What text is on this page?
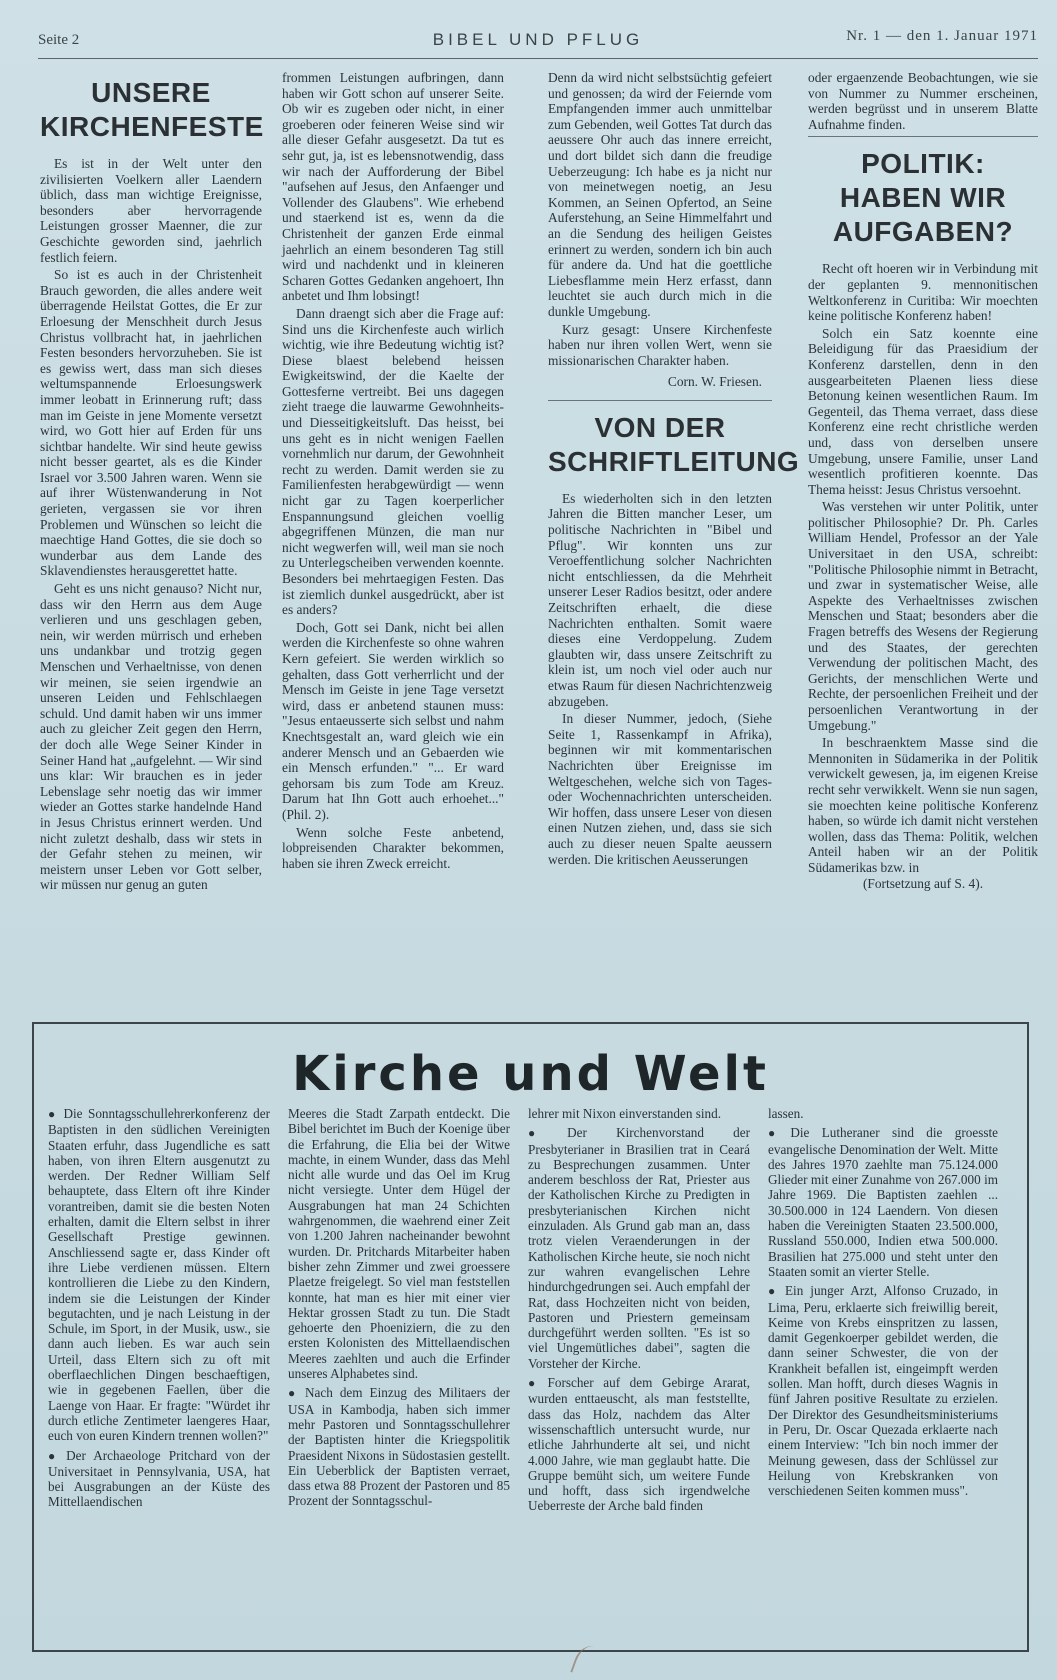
Seite 2	BIBEL UND PFLUG	Nr. 1 — den 1. Januar 1971
UNSERE KIRCHENFESTE

Es ist in der Welt unter den zivilisierten Voelkern aller Laendern üblich, dass man wichtige Ereignisse, besonders aber hervorragende Leistungen grosser Maenner, die zur Geschichte geworden sind, jaehrlich festlich feiern.

So ist es auch in der Christenheit Brauch geworden, die alles andere weit überragende Heilstat Gottes, die Er zur Erloesung der Menschheit durch Jesus Christus vollbracht hat, in jaehrlichen Festen besonders hervorzuheben. Sie ist es gewiss wert, dass man sich dieses weltumspannende Erloesungswerk immer leobatt in Erinnerung ruft; dass man im Geiste in jene Momente versetzt wird, wo Gott hier auf Erden für uns sichtbar handelte. Wir sind heute gewiss nicht besser geartet, als es die Kinder Israel vor 3.500 Jahren waren. Wenn sie auf ihrer Wüstenwanderung in Not gerieten, vergassen sie vor ihren Problemen und Wünschen so leicht die maechtige Hand Gottes, die sie doch so wunderbar aus dem Lande des Sklavendienstes herausgerettet hatte.

Geht es uns nicht genauso? Nicht nur, dass wir den Herrn aus dem Auge verlieren und uns geschlagen geben, nein, wir werden mürrisch und erheben uns undankbar und trotzig gegen Menschen und Verhaeltnisse, von denen wir meinen, sie seien irgendwie an unseren Leiden und Fehlschlaegen schuld. Und damit haben wir uns immer auch zu gleicher Zeit gegen den Herrn, der doch alle Wege Seiner Kinder in Seiner Hand hat „aufgelehnt. — Wir sind uns klar: Wir brauchen es in jeder Lebenslage sehr noetig das wir immer wieder an Gottes starke handelnde Hand in Jesus Christus erinnert werden. Und nicht zuletzt deshalb, dass wir stets in der Gefahr stehen zu meinen, wir meistern unser Leben vor Gott selber, wir müssen nur genug an guten

frommen Leistungen aufbringen, dann haben wir Gott schon auf unserer Seite. Ob wir es zugeben oder nicht, in einer groeberen oder feineren Weise sind wir alle dieser Gefahr ausgesetzt. Da tut es sehr gut, ja, ist es lebensnotwendig, dass wir nach der Aufforderung der Bibel "aufsehen auf Jesus, den Anfaenger und Vollender des Glaubens". Wie erhebend und staerkend ist es, wenn da die Christenheit der ganzen Erde einmal jaehrlich an einem besonderen Tag still wird und nachdenkt und in kleineren Scharen Gottes Gedanken angehoert, Ihn anbetet und Ihm lobsingt!

Dann draengt sich aber die Frage auf: Sind uns die Kirchenfeste auch wirlich wichtig, wie ihre Bedeutung wichtig ist? Diese blaest belebend heissen Ewigkeitswind, der die Kaelte der Gottesferne vertreibt. Bei uns dagegen zieht traege die lauwarme Gewohnheits- und Diesseitigkeitsluft. Das heisst, bei uns geht es in nicht wenigen Faellen vornehmlich nur darum, der Gewohnheit recht zu werden. Damit werden sie zu Familienfesten herabgewürdigt — wenn nicht gar zu Tagen koerperlicher Enspannungsund gleichen voellig abgegriffenen Münzen, die man nur nicht wegwerfen will, weil man sie noch zu Unterlegscheiben verwenden koennte. Besonders bei mehrtaegigen Festen. Das ist ziemlich dunkel ausgedrückt, aber ist es anders?

Doch, Gott sei Dank, nicht bei allen werden die Kirchenfeste so ohne wahren Kern gefeiert. Sie werden wirklich so gehalten, dass Gott verherrlicht und der Mensch im Geiste in jene Tage versetzt wird, dass er anbetend staunen muss: "Jesus entaeusserte sich selbst und nahm Knechtsgestalt an, ward gleich wie ein anderer Mensch und an Gebaerden wie ein Mensch erfunden." "... Er ward gehorsam bis zum Tode am Kreuz. Darum hat Ihn Gott auch erhoehet..." (Phil. 2).

Wenn solche Feste anbetend, lobpreisenden Charakter bekommen, haben sie ihren Zweck erreicht.

Denn da wird nicht selbstsüchtig gefeiert und genossen; da wird der Feiernde vom Empfangenden immer auch unmittelbar zum Gebenden, weil Gottes Tat durch das aeussere Ohr auch das innere erreicht, und dort bildet sich dann die freudige Ueberzeugung: Ich habe es ja nicht nur von meinetwegen noetig, an Jesu Kommen, an Seinen Opfertod, an Seine Auferstehung, an Seine Himmelfahrt und an die Sendung des heiligen Geistes erinnert zu werden, sondern ich bin auch für andere da. Und hat die goettliche Liebesflamme mein Herz erfasst, dann leuchtet sie auch durch mich in die dunkle Umgebung.

Kurz gesagt: Unsere Kirchenfeste haben nur ihren vollen Wert, wenn sie missionarischen Charakter haben.

Corn. W. Friesen.
VON DER SCHRIFTLEITUNG

Es wiederholten sich in den letzten Jahren die Bitten mancher Leser, um politische Nachrichten in "Bibel und Pflug". Wir konnten uns zur Veroeffentlichung solcher Nachrichten nicht entschliessen, da die Mehrheit unserer Leser Radios besitzt, oder andere Zeitschriften erhaelt, die diese Nachrichten enthalten. Somit waere dieses eine Verdoppelung. Zudem glaubten wir, dass unsere Zeitschrift zu klein ist, um noch viel oder auch nur etwas Raum für diesen Nachrichtenzweig abzugeben.

In dieser Nummer, jedoch, (Siehe Seite 1, Rassenkampf in Afrika), beginnen wir mit kommentarischen Nachrichten über Ereignisse im Weltgeschehen, welche sich von Tages- oder Wochennachrichten unterscheiden. Wir hoffen, dass unsere Leser von diesen einen Nutzen ziehen, und, dass sie sich auch zu dieser neuen Spalte aeussern werden. Die kritischen Aeusserungen

oder ergaenzende Beobachtungen, wie sie von Nummer zu Nummer erscheinen, werden begrüsst und in unserem Blatte Aufnahme finden.

POLITIK: HABEN WIR AUFGABEN?

Recht oft hoeren wir in Verbindung mit der geplanten 9. mennonitischen Weltkonferenz in Curitiba: Wir moechten keine politische Konferenz haben!

Solch ein Satz koennte eine Beleidigung für das Praesidium der Konferenz darstellen, denn in den ausgearbeiteten Plaenen liess diese Betonung keinen wesentlichen Raum. Im Gegenteil, das Thema verraet, dass diese Konferenz eine recht christliche werden und, dass von derselben unsere Umgebung, unsere Familie, unser Land wesentlich profitieren koennte. Das Thema heisst: Jesus Christus versoehnt.

Was verstehen wir unter Politik, unter politischer Philosophie? Dr. Ph. Carles William Hendel, Professor an der Yale Universitaet in den USA, schreibt: "Politische Philosophie nimmt in Betracht, und zwar in systematischer Weise, alle Aspekte des Verhaeltnisses zwischen Menschen und Staat; besonders aber die Fragen betreffs des Wesens der Regierung und des Staates, der gerechten Verwendung der politischen Macht, des Gerichts, der menschlichen Werte und Rechte, der persoenlichen Freiheit und der persoenlichen Verantwortung in der Umgebung."

In beschraenktem Masse sind die Mennoniten in Südamerika in der Politik verwickelt gewesen, ja, im eigenen Kreise recht sehr verwikkelt. Wenn sie nun sagen, sie moechten keine politische Konferenz haben, so würde ich damit nicht verstehen wollen, dass das Thema: Politik, welchen Anteil haben wir an der Politik Südamerikas bzw. in

(Fortsetzung auf S. 4).
Kirche und Welt

● Die Sonntagsschullehrerkonferenz der Baptisten in den südlichen Vereinigten Staaten erfuhr, dass Jugendliche es satt haben, von ihren Eltern ausgenutzt zu werden. Der Redner William Self behauptete, dass Eltern oft ihre Kinder vorantreiben, damit sie die besten Noten erhalten, damit die Eltern selbst in ihrer Gesellschaft Prestige gewinnen. Anschliessend sagte er, dass Kinder oft ihre Liebe verdienen müssen. Eltern kontrollieren die Liebe zu den Kindern, indem sie die Leistungen der Kinder begutachten, und je nach Leistung in der Schule, im Sport, in der Musik, usw., sie dann auch lieben. Es war auch sein Urteil, dass Eltern sich zu oft mit oberflaechlichen Dingen beschaeftigen, wie in gegebenen Faellen, über die Laenge von Haar. Er fragte: "Würdet ihr durch etliche Zentimeter laengeres Haar, euch von euren Kindern trennen wollen?"

● Der Archaeologe Pritchard von der Universitaet in Pennsylvania, USA, hat bei Ausgrabungen an der Küste des Mittellaendischen

Meeres die Stadt Zarpath entdeckt. Die Bibel berichtet im Buch der Koenige über die Erfahrung, die Elia bei der Witwe machte, in einem Wunder, dass das Mehl nicht alle wurde und das Oel im Krug nicht versiegte. Unter dem Hügel der Ausgrabungen hat man 24 Schichten wahrgenommen, die waehrend einer Zeit von 1.200 Jahren nacheinander bewohnt wurden. Dr. Pritchards Mitarbeiter haben bisher zehn Zimmer und zwei groessere Plaetze freigelegt. So viel man feststellen konnte, hat man es hier mit einer vier Hektar grossen Stadt zu tun. Die Stadt gehoerte den Phoeniziern, die zu den ersten Kolonisten des Mittellaendischen Meeres zaehlten und auch die Erfinder unseres Alphabetes sind.

● Nach dem Einzug des Militaers der USA in Kambodja, haben sich immer mehr Pastoren und Sonntagsschullehrer der Baptisten hinter die Kriegspolitik Praesident Nixons in Südostasien gestellt. Ein Ueberblick der Baptisten verraet, dass etwa 88 Prozent der Pastoren und 85 Prozent der Sonntagsschul-

lehrer mit Nixon einverstanden sind.

● Der Kirchenvorstand der Presbyterianer in Brasilien trat in Ceará zu Besprechungen zusammen. Unter anderem beschloss der Rat, Priester aus der Katholischen Kirche zu Predigten in presbyterianischen Kirchen nicht einzuladen. Als Grund gab man an, dass trotz vielen Veraenderungen in der Katholischen Kirche heute, sie noch nicht zur wahren evangelischen Lehre hindurchgedrungen sei. Auch empfahl der Rat, dass Hochzeiten nicht von beiden, Pastoren und Priestern gemeinsam durchgeführt werden sollten. "Es ist so viel Ungemütliches dabei", sagten die Vorsteher der Kirche.

● Forscher auf dem Gebirge Ararat, wurden enttaeuscht, als man feststellte, dass das Holz, nachdem das Alter wissenschaftlich untersucht wurde, nur etliche Jahrhunderte alt sei, und nicht 4.000 Jahre, wie man geglaubt hatte. Die Gruppe bemüht sich, um weitere Funde und hofft, dass sich irgendwelche Ueberreste der Arche bald finden

lassen.

● Die Lutheraner sind die groesste evangelische Denomination der Welt. Mitte des Jahres 1970 zaehlte man 75.124.000 Glieder mit einer Zunahme von 267.000 im Jahre 1969. Die Baptisten zaehlen ... 30.500.000 in 124 Laendern. Von diesen haben die Vereinigten Staaten 23.500.000, Russland 550.000, Indien etwa 500.000. Brasilien hat 275.000 und steht unter den Staaten somit an vierter Stelle.

● Ein junger Arzt, Alfonso Cruzado, in Lima, Peru, erklaerte sich freiwillig bereit, Keime von Krebs einspritzen zu lassen, damit Gegenkoerper gebildet werden, die dann seiner Schwester, die von der Krankheit befallen ist, eingeimpft werden sollen. Man hofft, durch dieses Wagnis in fünf Jahren positive Resultate zu erzielen. Der Direktor des Gesundheitsministeriums in Peru, Dr. Oscar Quezada erklaerte nach einem Interview: "Ich bin noch immer der Meinung gewesen, dass der Schlüssel zur Heilung von Krebskranken von verschiedenen Seiten kommen muss".
